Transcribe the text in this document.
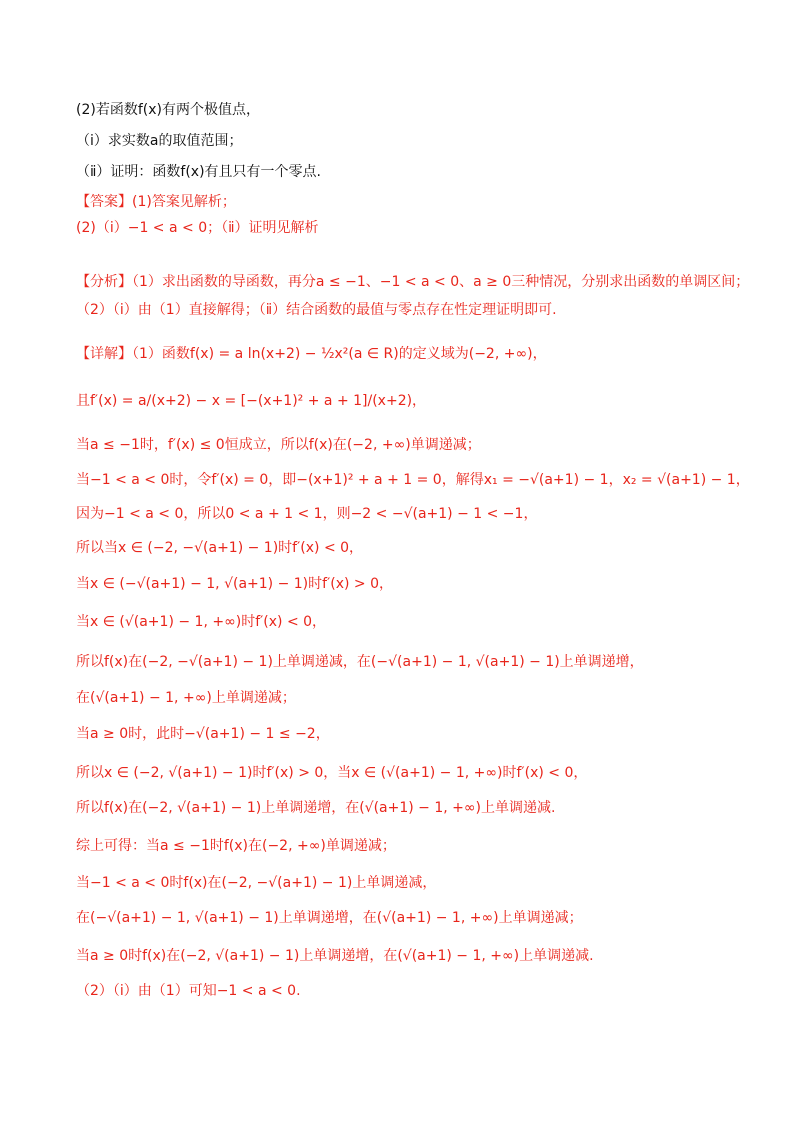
(2)若函数f(x)有两个极值点，
（ⅰ）求实数a的取值范围；
（ⅱ）证明：函数f(x)有且只有一个零点.
【答案】(1)答案见解析；
(2)（ⅰ）−1 < a < 0；（ⅱ）证明见解析
【分析】（1）求出函数的导函数，再分a ≤ −1、−1 < a < 0、a ≥ 0三种情况，分别求出函数的单调区间；
（2）（ⅰ）由（1）直接解得；（ⅱ）结合函数的最值与零点存在性定理证明即可.
【详解】（1）函数f(x) = a ln(x+2) − ½x²(a ∈ R)的定义域为(−2, +∞)，
且f′(x) = a/(x+2) − x = [−(x+1)² + a + 1]/(x+2)，
当a ≤ −1时，f′(x) ≤ 0恒成立，所以f(x)在(−2, +∞)单调递减；
当−1 < a < 0时，令f′(x) = 0，即−(x+1)² + a + 1 = 0，解得x₁ = −√(a+1) − 1，x₂ = √(a+1) − 1，
因为−1 < a < 0，所以0 < a + 1 < 1，则−2 < −√(a+1) − 1 < −1，
所以当x ∈ (−2, −√(a+1) − 1)时f′(x) < 0，
当x ∈ (−√(a+1) − 1, √(a+1) − 1)时f′(x) > 0，
当x ∈ (√(a+1) − 1, +∞)时f′(x) < 0，
所以f(x)在(−2, −√(a+1) − 1)上单调递减，在(−√(a+1) − 1, √(a+1) − 1)上单调递增，
在(√(a+1) − 1, +∞)上单调递减；
当a ≥ 0时，此时−√(a+1) − 1 ≤ −2，
所以x ∈ (−2, √(a+1) − 1)时f′(x) > 0，当x ∈ (√(a+1) − 1, +∞)时f′(x) < 0，
所以f(x)在(−2, √(a+1) − 1)上单调递增，在(√(a+1) − 1, +∞)上单调递减.
综上可得：当a ≤ −1时f(x)在(−2, +∞)单调递减；
当−1 < a < 0时f(x)在(−2, −√(a+1) − 1)上单调递减，
在(−√(a+1) − 1, √(a+1) − 1)上单调递增，在(√(a+1) − 1, +∞)上单调递减；
当a ≥ 0时f(x)在(−2, √(a+1) − 1)上单调递增，在(√(a+1) − 1, +∞)上单调递减.
（2）（ⅰ）由（1）可知−1 < a < 0.
